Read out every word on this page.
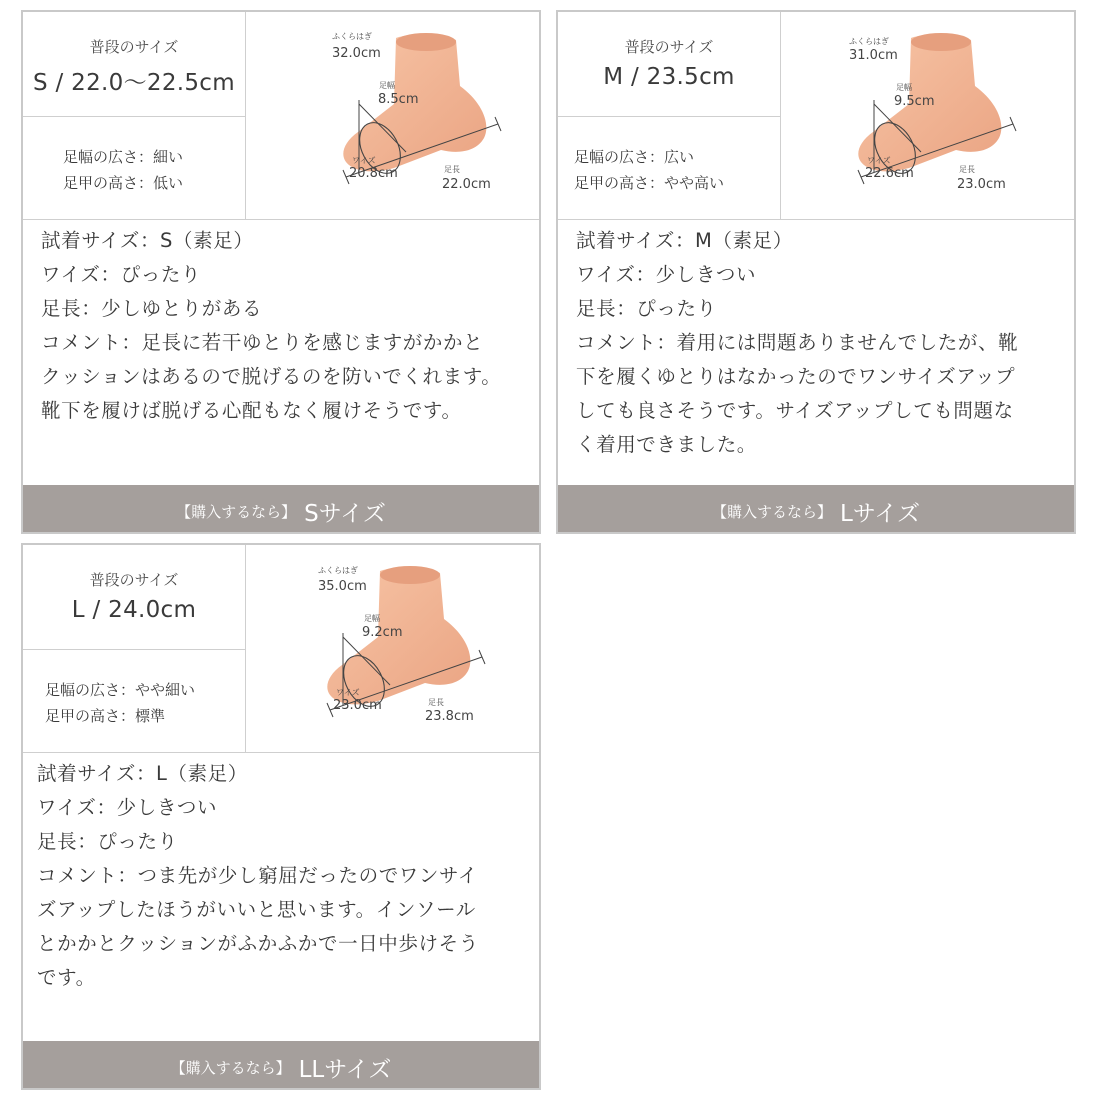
普段のサイズ
S / 22.0～22.5cm
足幅の広さ：細い
足甲の高さ：低い
ふくらはぎ
32.0cm
足幅
8.5cm
ワイズ
20.8cm	足長
22.0cm
試着サイズ：S（素足）
ワイズ：ぴったり
足長：少しゆとりがある
コメント：足長に若干ゆとりを感じますがかかと
クッションはあるので脱げるのを防いでくれます。
靴下を履けば脱げる心配もなく履けそうです。
【購入するなら】 Sサイズ
普段のサイズ
M / 23.5cm
足幅の広さ：広い
足甲の高さ：やや高い
ふくらはぎ
31.0cm
足幅
9.5cm
ワイズ
22.6cm	足長
23.0cm
試着サイズ：M（素足）
ワイズ：少しきつい
足長：ぴったり
コメント：着用には問題ありませんでしたが、靴
下を履くゆとりはなかったのでワンサイズアップ
しても良さそうです。サイズアップしても問題な
く着用できました。
【購入するなら】 Lサイズ
普段のサイズ
L / 24.0cm
足幅の広さ：やや細い
足甲の高さ：標準
ふくらはぎ
35.0cm
足幅
9.2cm
ワイズ
23.0cm	足長
23.8cm
試着サイズ：L（素足）
ワイズ：少しきつい
足長：ぴったり
コメント：つま先が少し窮屈だったのでワンサイ
ズアップしたほうがいいと思います。インソール
とかかとクッションがふかふかで一日中歩けそう
です。
【購入するなら】 LLサイズ
